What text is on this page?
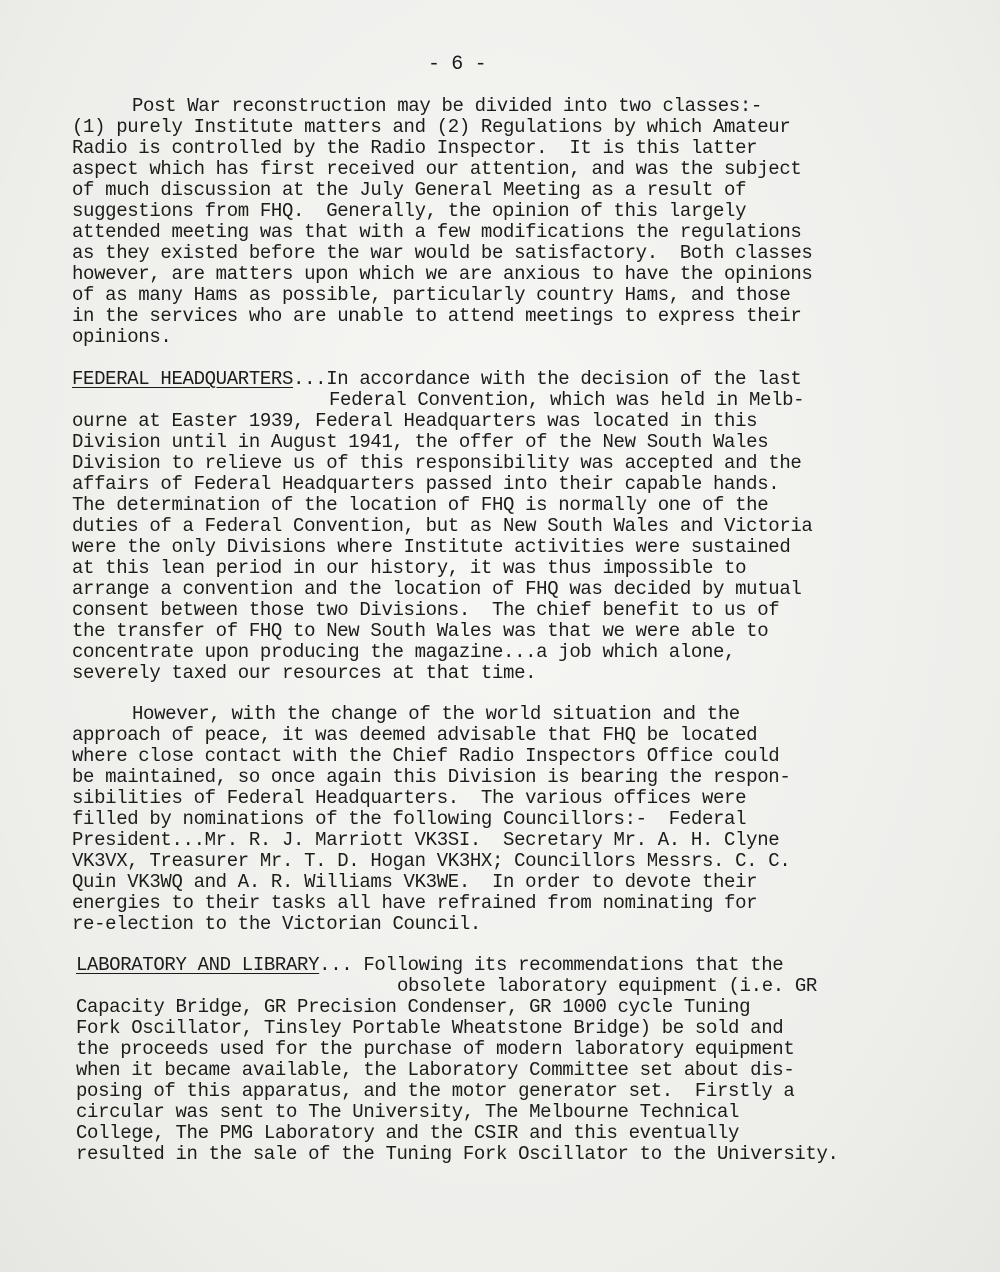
- 6 -

Post War reconstruction may be divided into two classes:-

(1) purely Institute matters and (2) Regulations by which Amateur

Radio is controlled by the Radio Inspector.  It is this latter

aspect which has first received our attention, and was the subject

of much discussion at the July General Meeting as a result of

suggestions from FHQ.  Generally, the opinion of this largely

attended meeting was that with a few modifications the regulations

as they existed before the war would be satisfactory.  Both classes

however, are matters upon which we are anxious to have the opinions

of as many Hams as possible, particularly country Hams, and those

in the services who are unable to attend meetings to express their

opinions.

FEDERAL HEADQUARTERS...In accordance with the decision of the last

Federal Convention, which was held in Melb-

ourne at Easter 1939, Federal Headquarters was located in this

Division until in August 1941, the offer of the New South Wales

Division to relieve us of this responsibility was accepted and the

affairs of Federal Headquarters passed into their capable hands.

The determination of the location of FHQ is normally one of the

duties of a Federal Convention, but as New South Wales and Victoria

were the only Divisions where Institute activities were sustained

at this lean period in our history, it was thus impossible to

arrange a convention and the location of FHQ was decided by mutual

consent between those two Divisions.  The chief benefit to us of

the transfer of FHQ to New South Wales was that we were able to

concentrate upon producing the magazine...a job which alone,

severely taxed our resources at that time.

However, with the change of the world situation and the

approach of peace, it was deemed advisable that FHQ be located

where close contact with the Chief Radio Inspectors Office could

be maintained, so once again this Division is bearing the respon-

sibilities of Federal Headquarters.  The various offices were

filled by nominations of the following Councillors:-  Federal

President...Mr. R. J. Marriott VK3SI.  Secretary Mr. A. H. Clyne

VK3VX, Treasurer Mr. T. D. Hogan VK3HX; Councillors Messrs. C. C.

Quin VK3WQ and A. R. Williams VK3WE.  In order to devote their

energies to their tasks all have refrained from nominating for

re-election to the Victorian Council.

LABORATORY AND LIBRARY... Following its recommendations that the

obsolete laboratory equipment (i.e. GR

Capacity Bridge, GR Precision Condenser, GR 1000 cycle Tuning

Fork Oscillator, Tinsley Portable Wheatstone Bridge) be sold and

the proceeds used for the purchase of modern laboratory equipment

when it became available, the Laboratory Committee set about dis-

posing of this apparatus, and the motor generator set.  Firstly a

circular was sent to The University, The Melbourne Technical

College, The PMG Laboratory and the CSIR and this eventually

resulted in the sale of the Tuning Fork Oscillator to the University.
